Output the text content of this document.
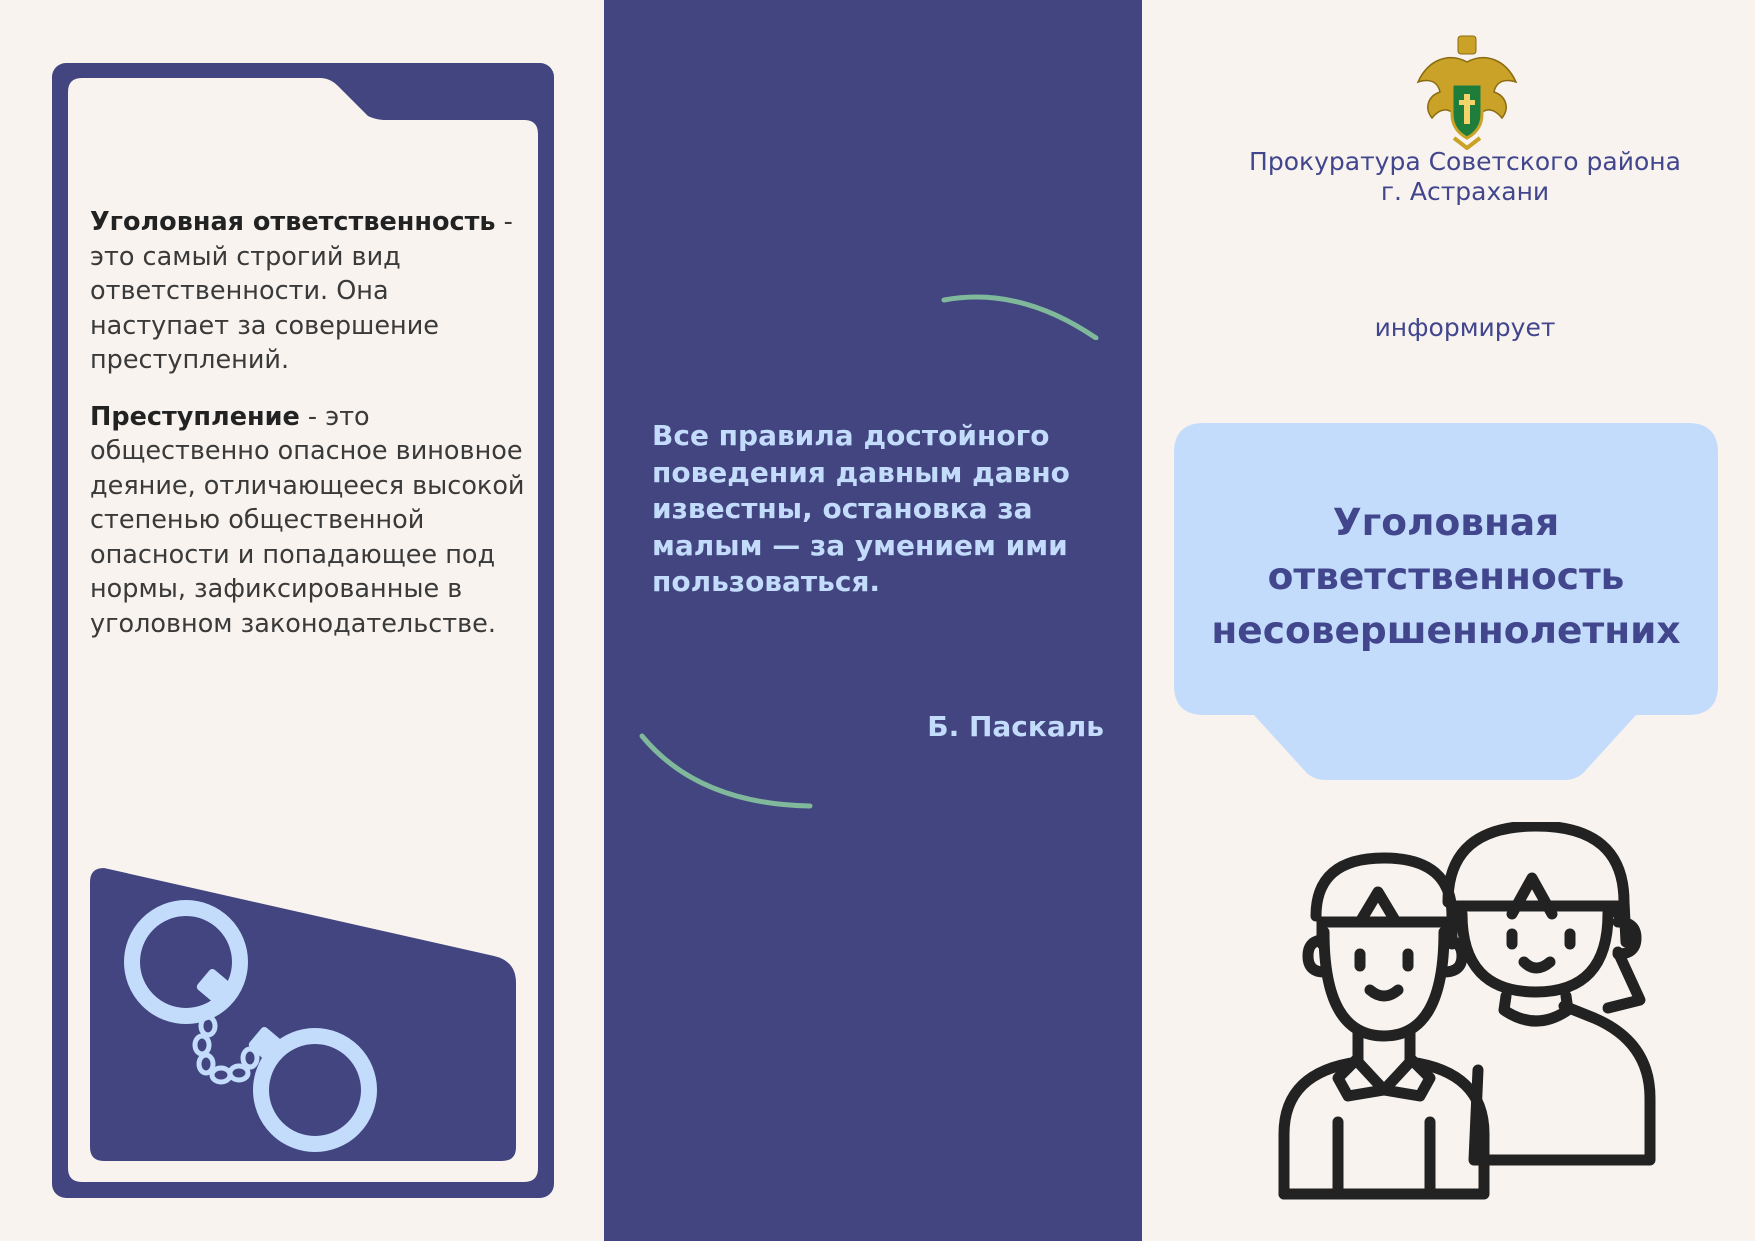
Уголовная ответственность - это самый строгий вид ответственности. Она наступает за совершение преступлений.

Преступление - это общественно опасное виновное деяние, отличающееся высокой степенью общественной опасности и попадающее под нормы, зафиксированные в уголовном законодательстве.

Все правила достойного поведения давным давно известны, остановка за малым — за умением ими пользоваться.
Б. Паскаль
Прокуратура Советского района
г. Астрахани
информирует
Уголовная
ответственность
несовершеннолетних
